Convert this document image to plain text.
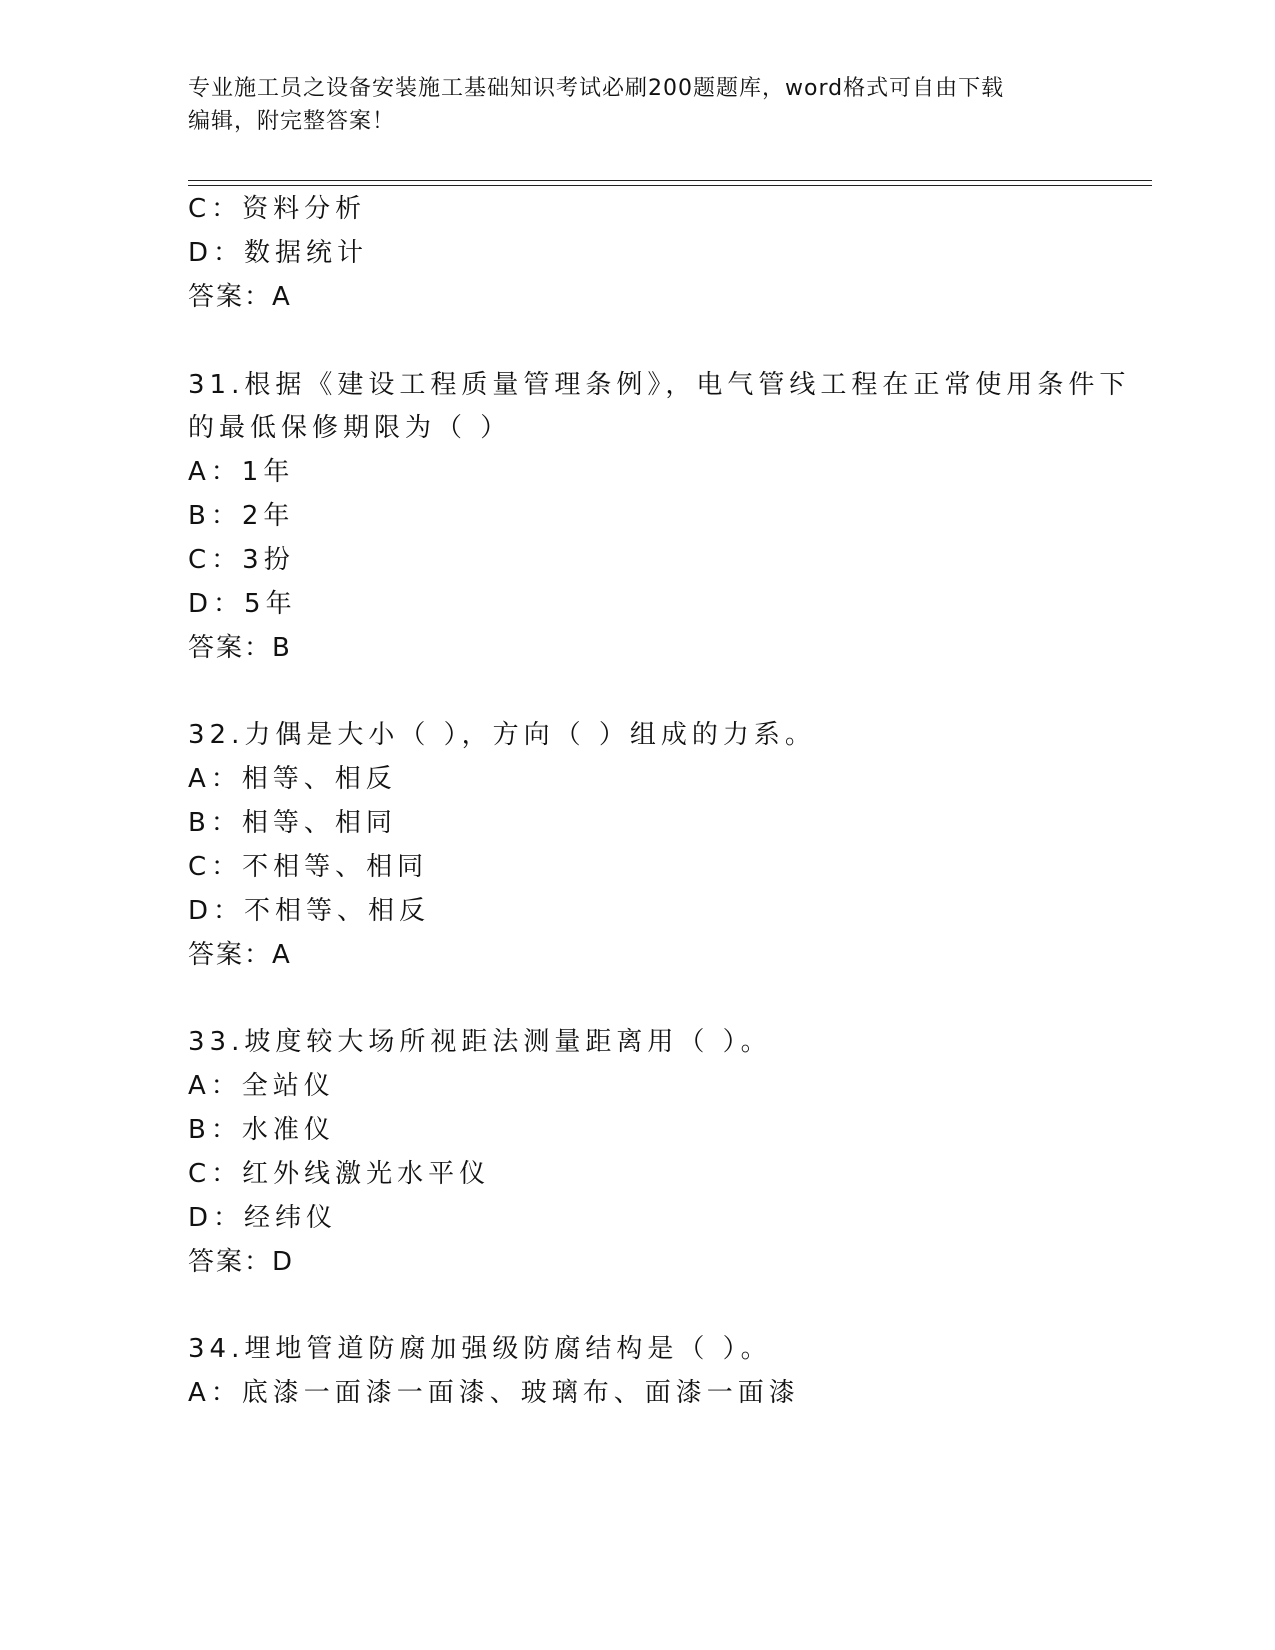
专业施工员之设备安装施工基础知识考试必刷200题题库，word格式可自由下载
编辑，附完整答案！
C：资料分析
D：数据统计
答案：A
31.根据《建设工程质量管理条例》，电气管线工程在正常使用条件下
的最低保修期限为（ ）
A：1年
B：2年
C：3扮
D：5年
答案：B
32.力偶是大小（ ），方向（ ）组成的力系。
A：相等、相反
B：相等、相同
C：不相等、相同
D：不相等、相反
答案：A
33.坡度较大场所视距法测量距离用（ ）。
A：全站仪
B：水准仪
C：红外线激光水平仪
D：经纬仪
答案：D
34.埋地管道防腐加强级防腐结构是（ ）。
A：底漆一面漆一面漆、玻璃布、面漆一面漆
